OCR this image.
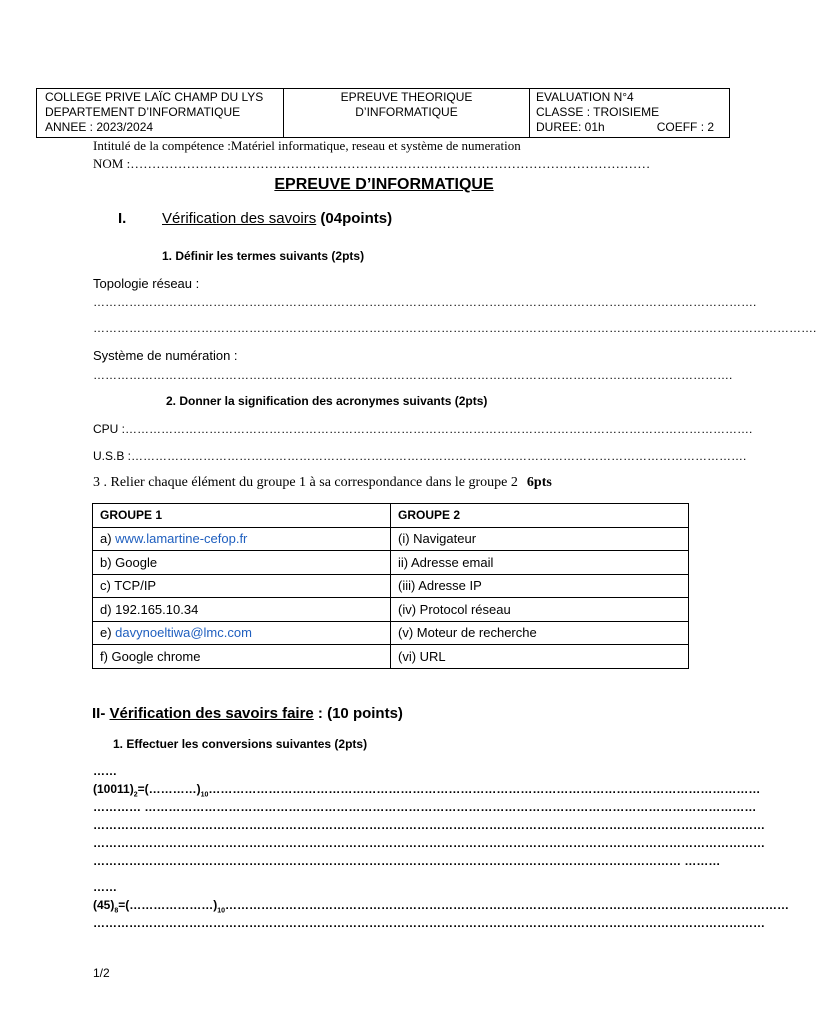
COLLEGE PRIVE LAÏC CHAMP DU LYS
DEPARTEMENT D’INFORMATIQUE
ANNEE : 2023/2024
EPREUVE THEORIQUE
D’INFORMATIQUE
EVALUATION N°4
CLASSE : TROISIEME
DUREE: 01h	COEFF : 2
Intitulé de la compétence :Matériel informatique, reseau et système de numeration
NOM :…………………………………………………………………………………………………………
EPREUVE D’INFORMATIQUE
I. Vérification des savoirs (04points)
1. Définir les termes suivants (2pts)
Topologie réseau :
………………………………………………………………………………………………………………………………………………….
……………………………………………………………………………………………………………………………………………………………….
Système de numération :
…………………………………………………………………………………………………………………………………………….
2. Donner la signification des acronymes suivants (2pts)
CPU :………………………………………………………………………………………………………………………………………….
U.S.B :……………………………………………………………………………………………………………………………………….
3 . Relier chaque élément du groupe 1 à sa correspondance dans le groupe 2 6pts
GROUPE 1	GROUPE 2
a) www.lamartine-cefop.fr	(i) Navigateur
b) Google	ii) Adresse email
c) TCP/IP	(iii) Adresse IP
d) 192.165.10.34	(iv) Protocol réseau
e) davynoeltiwa@lmc.com	(v) Moteur de recherche
f) Google chrome	(vi) URL
II- Vérification des savoirs faire : (10 points)
1. Effectuer les conversions suivantes (2pts)
……
$(10011)_2=(\dots\dots\dots\dots)_{10}\dots\dots\dots\dots\dots\dots\dots\dots\dots\dots\dots\dots\dots\dots\dots\dots\dots\dots\dots\dots\dots\dots\dots\dots\dots\dots\dots\dots\dots\dots\dots\dots\dots\dots\dots\dots\dots\dots\dots\dots\dots\dots\dots\dots\dots\dots$
………… ………………………………………………………………………………………………………………………………………
……………………………………………………………………………………………………………………………………………………
……………………………………………………………………………………………………………………………………………………
………………………………………………………………………………………………………………………………… ………
……
$(45)_8=(\dots\dots\dots\dots\dots\dots\dots)_{10}\dots\dots\dots\dots\dots\dots\dots\dots\dots\dots\dots\dots\dots\dots\dots\dots\dots\dots\dots\dots\dots\dots\dots\dots\dots\dots\dots\dots\dots\dots\dots\dots\dots\dots\dots\dots\dots\dots\dots\dots\dots\dots\dots\dots\dots\dots\dots$
……………………………………………………………………………………………………………………………………………………
1/2
